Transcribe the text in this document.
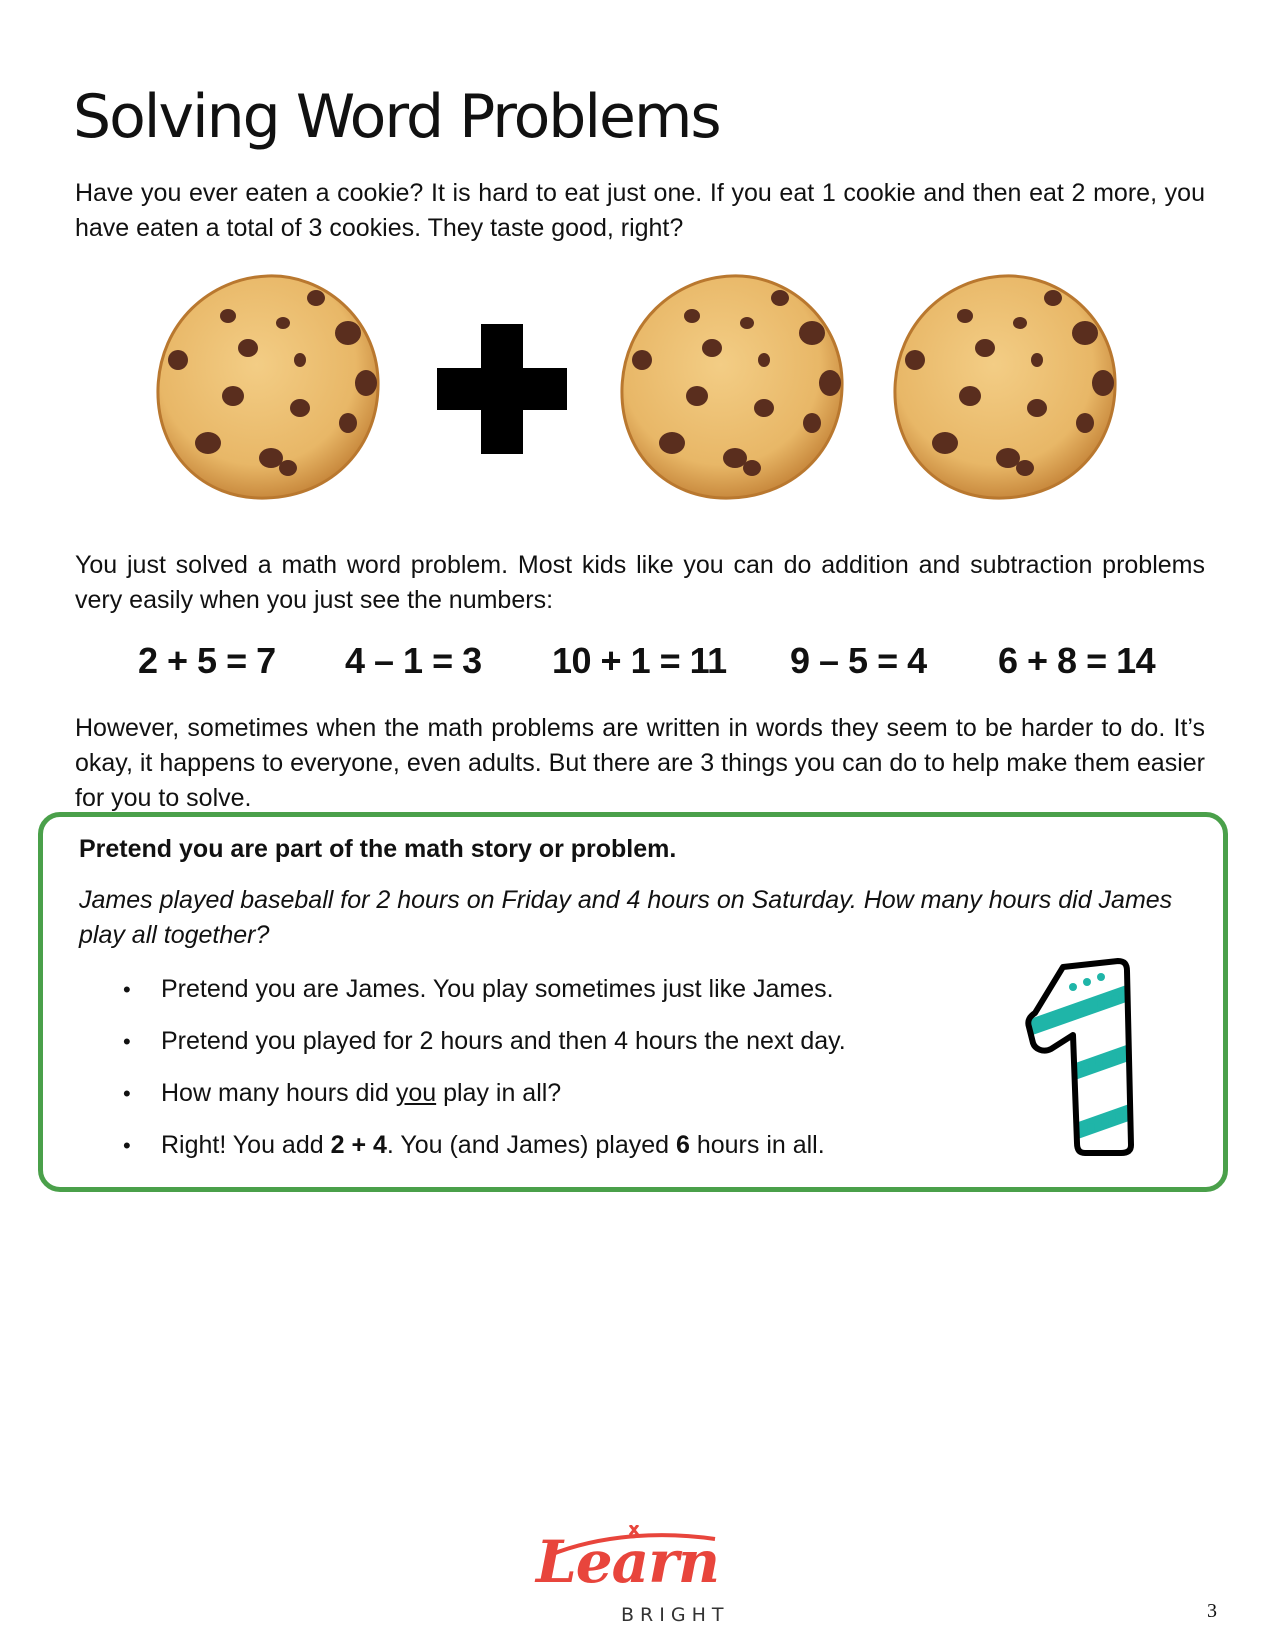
Solving Word Problems

Have you ever eaten a cookie? It is hard to eat just one. If you eat 1 cookie and then eat 2 more, you have eaten a total of 3 cookies. They taste good, right?

You just solved a math word problem. Most kids like you can do addition and subtraction problems very easily when you just see the numbers:

2 + 5 = 7 4 – 1 = 3 10 + 1 = 11 9 – 5 = 4 6 + 8 = 14

However, sometimes when the math problems are written in words they seem to be harder to do. It’s okay, it happens to everyone, even adults. But there are 3 things you can do to help make them easier for you to solve.

Pretend you are part of the math story or problem.

James played baseball for 2 hours on Friday and 4 hours on Saturday. How many hours did James play all together?

• Pretend you are James. You play sometimes just like James.
• Pretend you played for 2 hours and then 4 hours the next day.
• How many hours did you play in all?
• Right! You add 2 + 4. You (and James) played 6 hours in all.

Learn

BRIGHT	3
